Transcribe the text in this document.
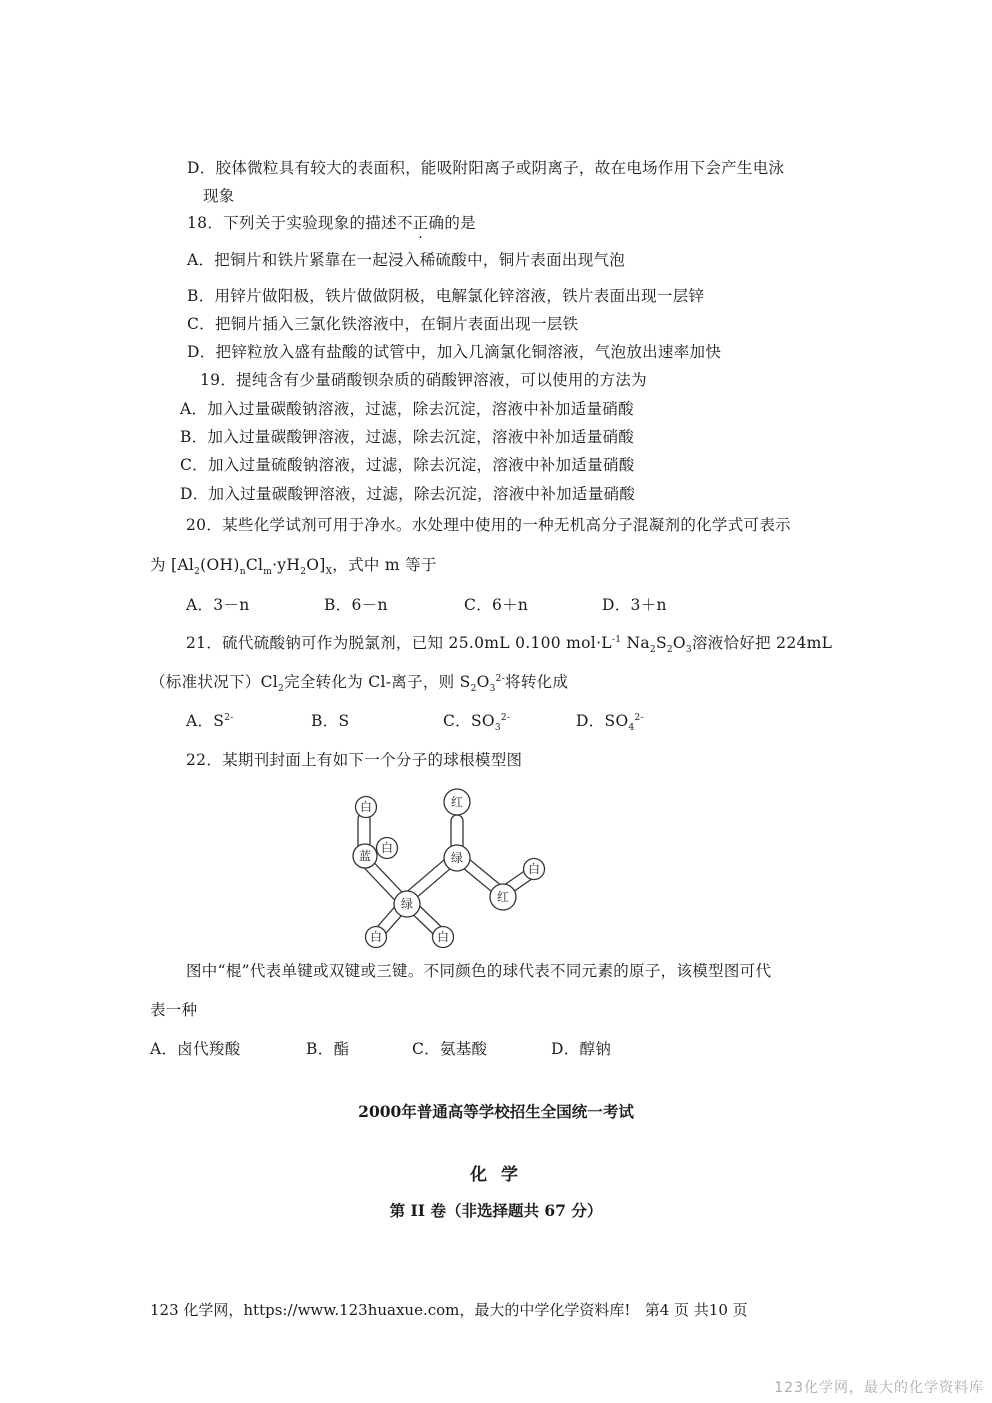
D．胶体微粒具有较大的表面积，能吸附阳离子或阴离子，故在电场作用下会产生电泳
现象
18．下列关于实验现象的描述不正确的是
A．把铜片和铁片紧靠在一起浸入稀硫酸中，铜片表面出现气泡
B．用锌片做阳极，铁片做做阴极，电解氯化锌溶液，铁片表面出现一层锌
C．把铜片插入三氯化铁溶液中，在铜片表面出现一层铁
D．把锌粒放入盛有盐酸的试管中，加入几滴氯化铜溶液，气泡放出速率加快
19．提纯含有少量硝酸钡杂质的硝酸钾溶液，可以使用的方法为
A．加入过量碳酸钠溶液，过滤，除去沉淀，溶液中补加适量硝酸
B．加入过量碳酸钾溶液，过滤，除去沉淀，溶液中补加适量硝酸
C．加入过量硫酸钠溶液，过滤，除去沉淀，溶液中补加适量硝酸
D．加入过量碳酸钾溶液，过滤，除去沉淀，溶液中补加适量硝酸
20．某些化学试剂可用于净水。水处理中使用的一种无机高分子混凝剂的化学式可表示
为 $[Al_2(OH)_nCl_m\cdot yH_2O]_X$，式中 m 等于
A．3－n	B．6－n	C．6＋n	D．3＋n
21．硫代硫酸钠可作为脱氯剂，已知 25.0mL 0.100 $mol\cdot L^{-1}$ $Na_2S_2O_3$溶液恰好把 224mL
（标准状况下）$Cl_2$完全转化为 Cl-离子，则 $S_2O_3^{2-}$将转化成
A．$S^{2-}$	B．S	C．$SO_3^{2-}$	D．$SO_4^{2-}$
22．某期刊封面上有如下一个分子的球根模型图
白	红
蓝
白
绿
白
红
绿
白	白
图中“棍”代表单键或双键或三键。不同颜色的球代表不同元素的原子，该模型图可代
表一种
A．卤代羧酸	B．酯	C．氨基酸	D．醇钠
2000年普通高等学校招生全国统一考试
化 学
第 II 卷（非选择题共 67 分）
123 化学网，https://www.123huaxue.com，最大的中学化学资料库! 第4 页 共10 页
123化学网，最大的化学资料库
